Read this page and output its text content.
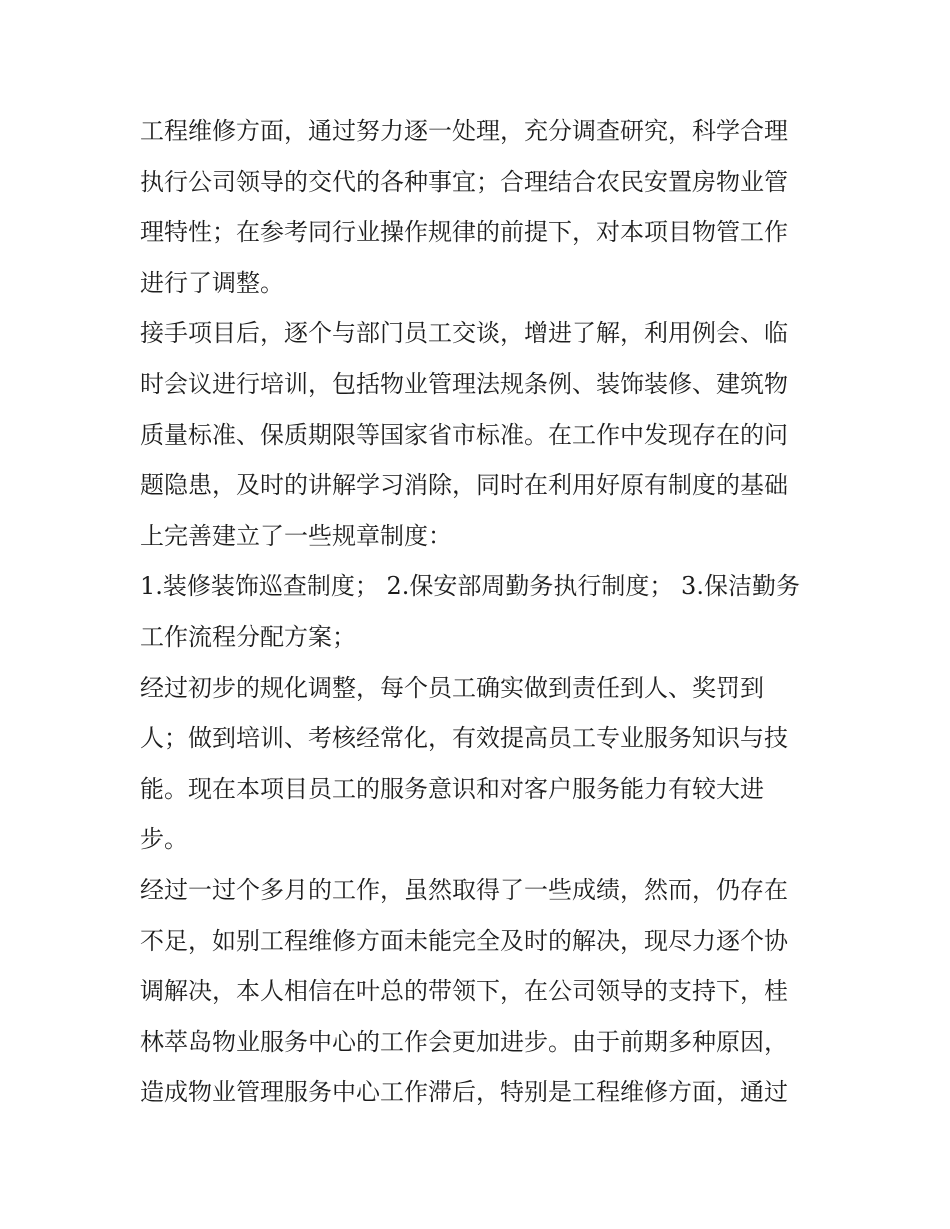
工程维修方面，通过努力逐一处理，充分调查研究，科学合理
执行公司领导的交代的各种事宜；合理结合农民安置房物业管
理特性；在参考同行业操作规律的前提下，对本项目物管工作
进行了调整。
接手项目后，逐个与部门员工交谈，增进了解，利用例会、临
时会议进行培训，包括物业管理法规条例、装饰装修、建筑物
质量标准、保质期限等国家省市标准。在工作中发现存在的问
题隐患，及时的讲解学习消除，同时在利用好原有制度的基础
上完善建立了一些规章制度：
1.装修装饰巡查制度； 2.保安部周勤务执行制度； 3.保洁勤务
工作流程分配方案；
经过初步的规化调整，每个员工确实做到责任到人、奖罚到
人；做到培训、考核经常化，有效提高员工专业服务知识与技
能。现在本项目员工的服务意识和对客户服务能力有较大进
步。
经过一过个多月的工作，虽然取得了一些成绩，然而，仍存在
不足，如别工程维修方面未能完全及时的解决，现尽力逐个协
调解决，本人相信在叶总的带领下，在公司领导的支持下，桂
林萃岛物业服务中心的工作会更加进步。由于前期多种原因，
造成物业管理服务中心工作滞后，特别是工程维修方面，通过
